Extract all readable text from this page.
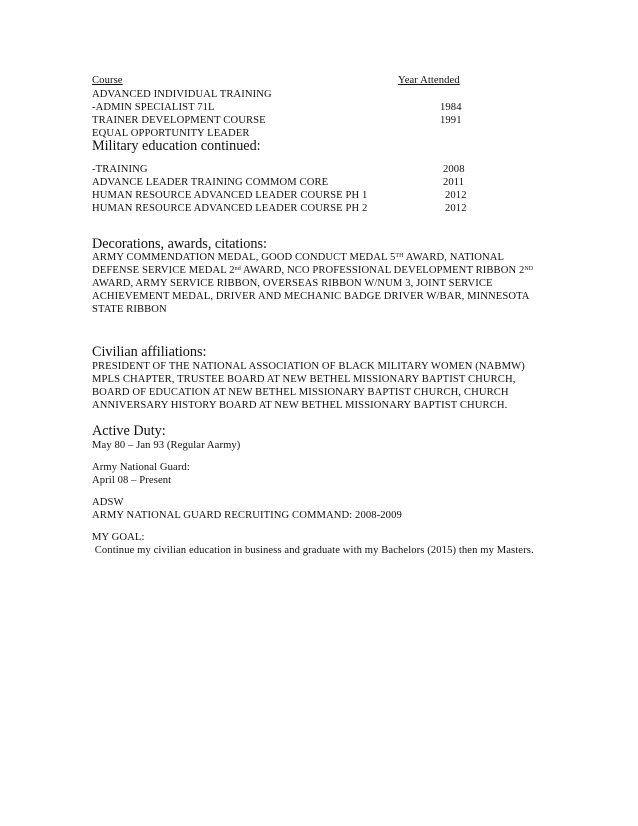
Course	Year Attended
ADVANCED INDIVIDUAL TRAINING
-ADMIN SPECIALIST 71L	1984
TRAINER DEVELOPMENT COURSE	1991
EQUAL OPPORTUNITY LEADER
Military education continued:
-TRAINING	2008
ADVANCE LEADER TRAINING COMMOM CORE	2011
HUMAN RESOURCE ADVANCED LEADER COURSE PH 1	2012
HUMAN RESOURCE ADVANCED LEADER COURSE PH 2	2012
Decorations, awards, citations:
ARMY COMMENDATION MEDAL, GOOD CONDUCT MEDAL 5TH AWARD, NATIONAL
DEFENSE SERVICE MEDAL 2nd AWARD, NCO PROFESSIONAL DEVELOPMENT RIBBON 2ND
AWARD, ARMY SERVICE RIBBON, OVERSEAS RIBBON W/NUM 3, JOINT SERVICE
ACHIEVEMENT MEDAL, DRIVER AND MECHANIC BADGE DRIVER W/BAR, MINNESOTA
STATE RIBBON
Civilian affiliations:
PRESIDENT OF THE NATIONAL ASSOCIATION OF BLACK MILITARY WOMEN (NABMW)
MPLS CHAPTER, TRUSTEE BOARD AT NEW BETHEL MISSIONARY BAPTIST CHURCH,
BOARD OF EDUCATION AT NEW BETHEL MISSIONARY BAPTIST CHURCH, CHURCH
ANNIVERSARY HISTORY BOARD AT NEW BETHEL MISSIONARY BAPTIST CHURCH.
Active Duty:
May 80 – Jan 93 (Regular Aarmy)
Army National Guard:
April 08 – Present
ADSW
ARMY NATIONAL GUARD RECRUITING COMMAND: 2008-2009
MY GOAL:
Continue my civilian education in business and graduate with my Bachelors (2015) then my Masters.
